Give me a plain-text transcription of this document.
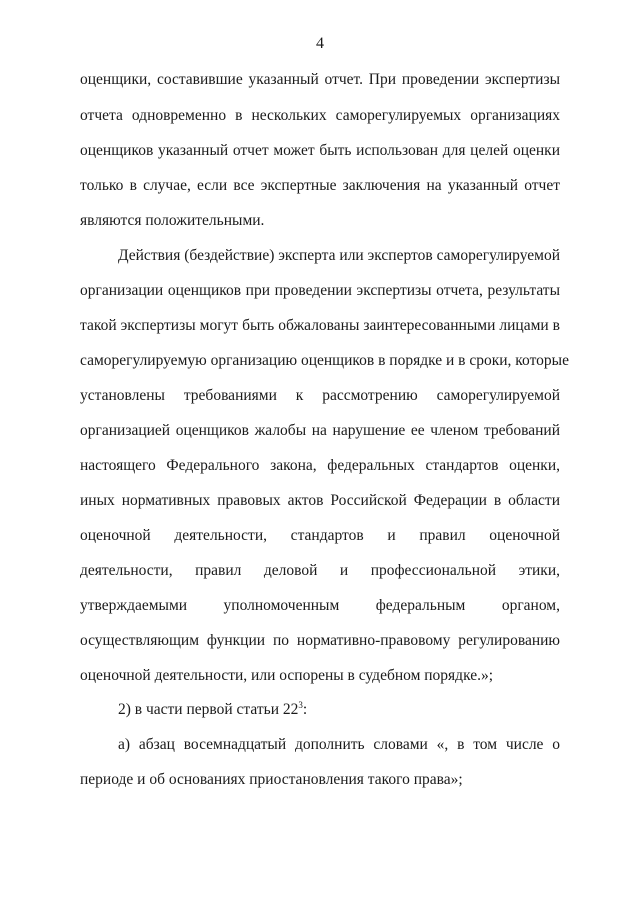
4
оценщики, составившие указанный отчет. При проведении экспертизы
отчета одновременно в нескольких саморегулируемых организациях
оценщиков указанный отчет может быть использован для целей оценки
только в случае, если все экспертные заключения на указанный отчет
являются положительными.
Действия (бездействие) эксперта или экспертов саморегулируемой
организации оценщиков при проведении экспертизы отчета, результаты
такой экспертизы могут быть обжалованы заинтересованными лицами в
саморегулируемую организацию оценщиков в порядке и в сроки, которые
установлены требованиями к рассмотрению саморегулируемой
организацией оценщиков жалобы на нарушение ее членом требований
настоящего Федерального закона, федеральных стандартов оценки,
иных нормативных правовых актов Российской Федерации в области
оценочной деятельности, стандартов и правил оценочной
деятельности, правил деловой и профессиональной этики,
утверждаемыми уполномоченным федеральным органом,
осуществляющим функции по нормативно-правовому регулированию
оценочной деятельности, или оспорены в судебном порядке.»;
2) в части первой статьи $22^3$:
а) абзац восемнадцатый дополнить словами «, в том числе о
периоде и об основаниях приостановления такого права»;
